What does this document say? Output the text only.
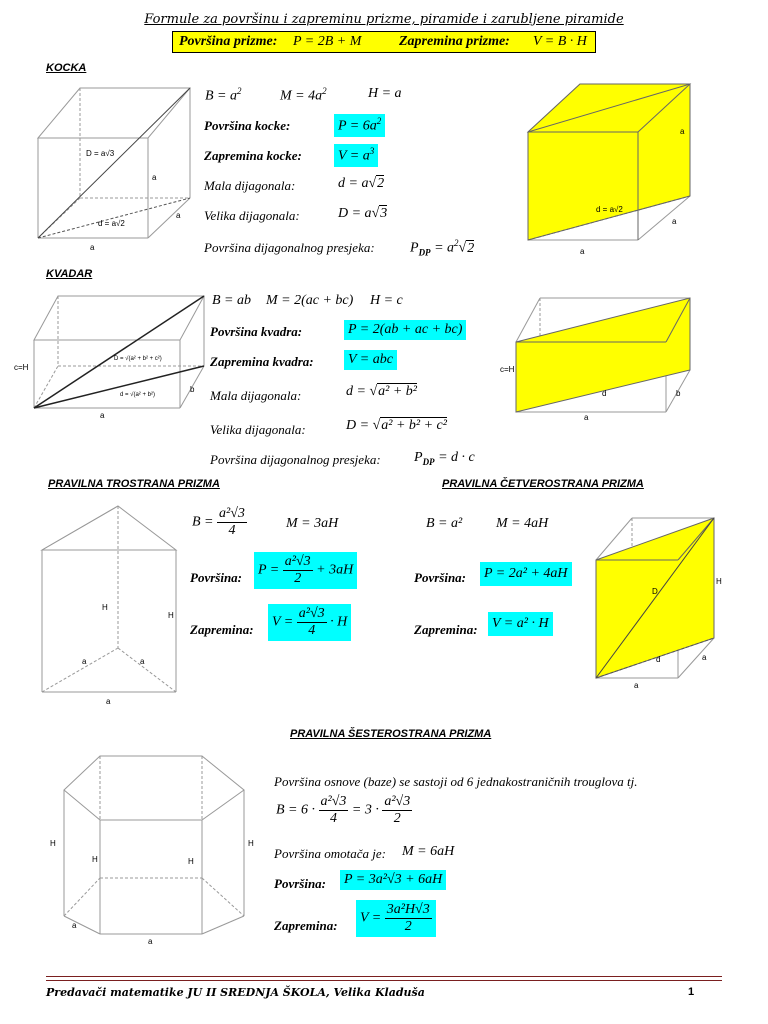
Formule za površinu i zapreminu prizme, piramide i zarubljene piramide
Površina prizme: P = 2B + M	Zapremina prizme: V = B · H
KOCKA
D = a√3
d = a√2
a
a
a
$B = a^2$	$M = 4a^2$	H = a
Površina kocke:	$P = 6a^2$
Zapremina kocke:	$V = a^3$
Mala dijagonala:	d = a√2
Velika dijagonala:	D = a√3
Površina dijagonalnog presjeka:	$P_{DP} = a^2√2$
d = a√2
a
a
a
KVADAR
D = √(a² + b² + c²)
d = √(a² + b²)
c=H
b
a
B = ab M = 2(ac + bc) H = c
Površina kvadra:	P = 2(ab + ac + bc)
Zapremina kvadra: V = abc
Mala dijagonala:	d = √a² + b²
Velika dijagonala:	D = √a² + b² + c²
Površina dijagonalnog presjeka: $P_{DP} = d \cdot c$
c=H
d	b
a
PRAVILNA TROSTRANA PRIZMA
H
H
a	a
a
$B = \frac{\text{a²√3}}{4}$	M = 3aH
Površina: $P = \frac{\text{a²√3}}{2} + 3aH$
Zapremina: $V = \frac{\text{a²√3}}{4} \cdot H$
PRAVILNA ČETVEROSTRANA PRIZMA
B = a² M = 4aH
Površina: P = 2a² + 4aH
Zapremina: V = a² · H
D
d
H
a
a
PRAVILNA ŠESTEROSTRANA PRIZMA
H
H	H
H
a
a
Površina osnove (baze) se sastoji od 6 jednakostraničnih trouglova tj.
$B = 6 \cdot \frac{\text{a²√3}}{4} = 3 \cdot \frac{\text{a²√3}}{2}$
Površina omotača je: M = 6aH
Površina: P = 3a²√3 + 6aH
Zapremina: $V = \frac{\text{3a²H√3}}{2}$
Predavači matematike JU II SREDNJA ŠKOLA, Velika Kladuša	1
